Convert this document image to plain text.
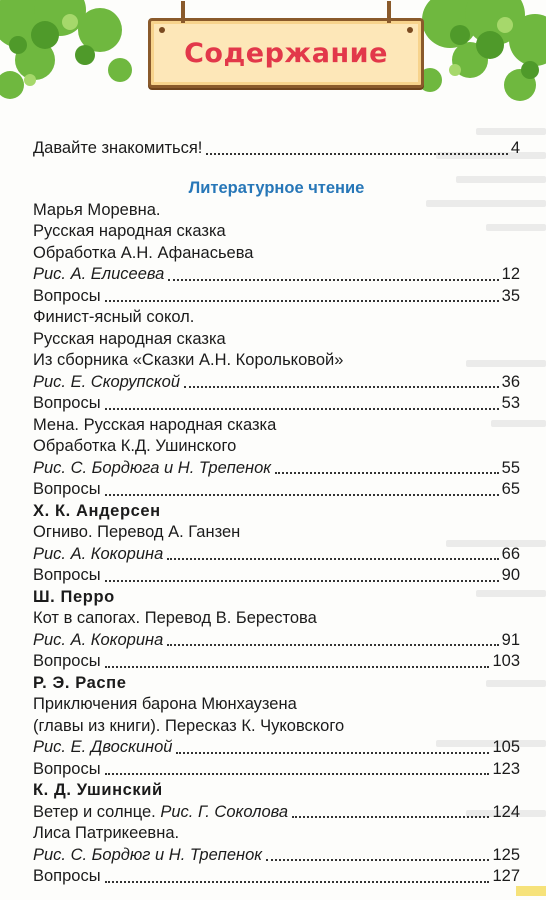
Содержание
Давайте знакомиться!	4
Литературное чтение
Марья Моревна.
Русская народная сказка
Обработка А.Н. Афанасьева
Рис. А. Елисеева	12
Вопросы	35
Финист-ясный сокол.
Русская народная сказка
Из сборника «Сказки А.Н. Корольковой»
Рис. Е. Скорупской	36
Вопросы	53
Мена. Русская народная сказка
Обработка К.Д. Ушинского
Рис. С. Бордюга и Н. Трепенок	55
Вопросы	65
Х. К. Андерсен
Огниво. Перевод А. Ганзен
Рис. А. Кокорина	66
Вопросы	90
Ш. Перро
Кот в сапогах. Перевод В. Берестова
Рис. А. Кокорина	91
Вопросы	103
Р. Э. Распе
Приключения барона Мюнхаузена
(главы из книги). Пересказ К. Чуковского
Рис. Е. Двоскиной	105
Вопросы	123
К. Д. Ушинский
Ветер и солнце. Рис. Г. Соколова	124
Лиса Патрикеевна.
Рис. С. Бордюг и Н. Трепенок	125
Вопросы	127
